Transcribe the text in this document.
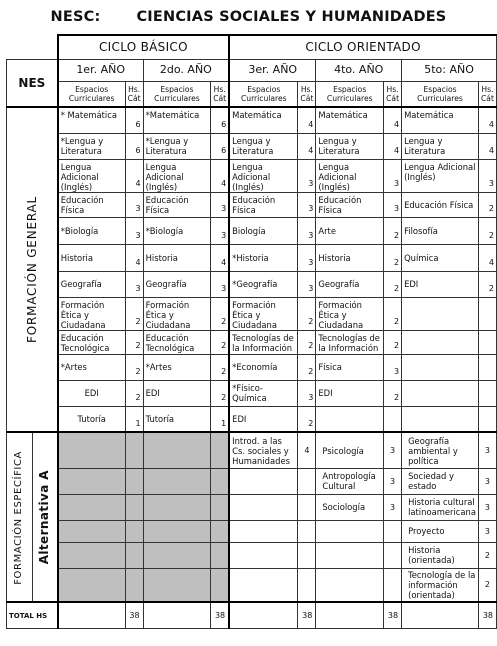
NESC: CIENCIAS SOCIALES Y HUMANIDADES
		CICLO BÁSICO				CICLO ORIENTADO					
NES		1er. AÑO		2do. AÑO		3er. AÑO		4to. AÑO		5to: AÑO	
		Espacios Curriculares	Hs. Cát	Espacios Curriculares	Hs. Cát	Espacios Curriculares	Hs. Cát	Espacios Curriculares	Hs. Cát	Espacios Curriculares	Hs. Cát

FORMACIÓN GENERAL		* Matemática	6	*Matemática	6	Matemática	4	Matemática	4	Matemática	4
		*Lengua y Literatura	6	*Lengua y Literatura	6	Lengua y Literatura	4	Lengua y Literatura	4	Lengua y Literatura	4
		Lengua Adicional (Inglés)	4	Lengua Adicional (Inglés)	4	Lengua Adicional (Inglés)	3	Lengua Adicional (Inglés)	3	Lengua Adicional (Inglés)	3
		Educación Física	3	Educación Física	3	Educación Física	3	Educación Física	3	Educación Física	2
		*Biología	3	*Biología	3	Biología	3	Arte	2	Filosofía	2
		Historia	4	Historia	4	*Historia	3	Historia	2	Química	4
		Geografía	3	Geografía	3	*Geografía	3	Geografía	2	EDI	2
		Formación Ética y Ciudadana	2	Formación Ética y Ciudadana	2	Formación Ética y Ciudadana	2	Formación Ética y Ciudadana	2		
		Educación Tecnológica	2	Educación Tecnológica	2	Tecnologías de la Información	2	Tecnologías de la Información	2		
		*Artes	2	*Artes	2	*Economía	2	Física	3		
		EDI	2	EDI	2	*Físico-Química	3	EDI	2		
		Tutoría	1	Tutoría	1	EDI	2				

FORMACIÓN ESPECÍFICA	Alternativa A					Introd. a las Cs. sociales y Humanidades	4	Psicología	3	Geografía ambiental y política	3
								Antropología Cultural	3	Sociedad y estado	3
								Sociología	3	Historia cultural latinoamericana	3
										Proyecto	3
										Historia (orientada)	2
										Tecnología de la información (orientada)	2
TOTAL HS			38		38		38		38		38
